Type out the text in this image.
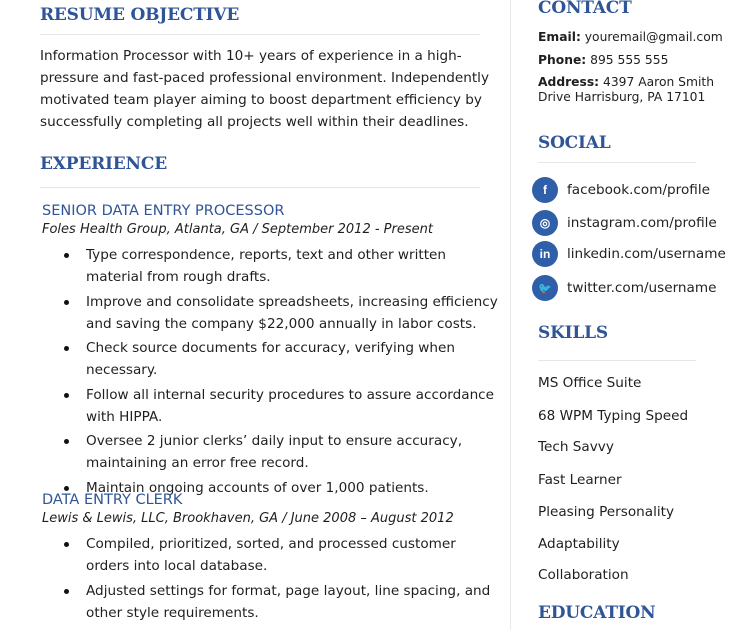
RESUME OBJECTIVE
Information Processor with 10+ years of experience in a high-pressure and fast-paced professional environment. Independently motivated team player aiming to boost department efficiency by successfully completing all projects well within their deadlines.
EXPERIENCE
SENIOR DATA ENTRY PROCESSOR
Foles Health Group, Atlanta, GA / September 2012 - Present
Type correspondence, reports, text and other written material from rough drafts.
Improve and consolidate spreadsheets, increasing efficiency and saving the company $22,000 annually in labor costs.
Check source documents for accuracy, verifying when necessary.
Follow all internal security procedures to assure accordance with HIPPA.
Oversee 2 junior clerks’ daily input to ensure accuracy, maintaining an error free record.
Maintain ongoing accounts of over 1,000 patients.
DATA ENTRY CLERK
Lewis & Lewis, LLC, Brookhaven, GA / June 2008 – August 2012
Compiled, prioritized, sorted, and processed customer orders into local database.
Adjusted settings for format, page layout, line spacing, and other style requirements.
CONTACT
Email: youremail@gmail.com
Phone: 895 555 555
Address: 4397 Aaron Smith
Drive Harrisburg, PA 17101
SOCIAL
f	facebook.com/profile
◎	instagram.com/profile
in	linkedin.com/username
🐦	twitter.com/username
SKILLS
MS Office Suite
68 WPM Typing Speed
Tech Savvy
Fast Learner
Pleasing Personality
Adaptability
Collaboration
EDUCATION
